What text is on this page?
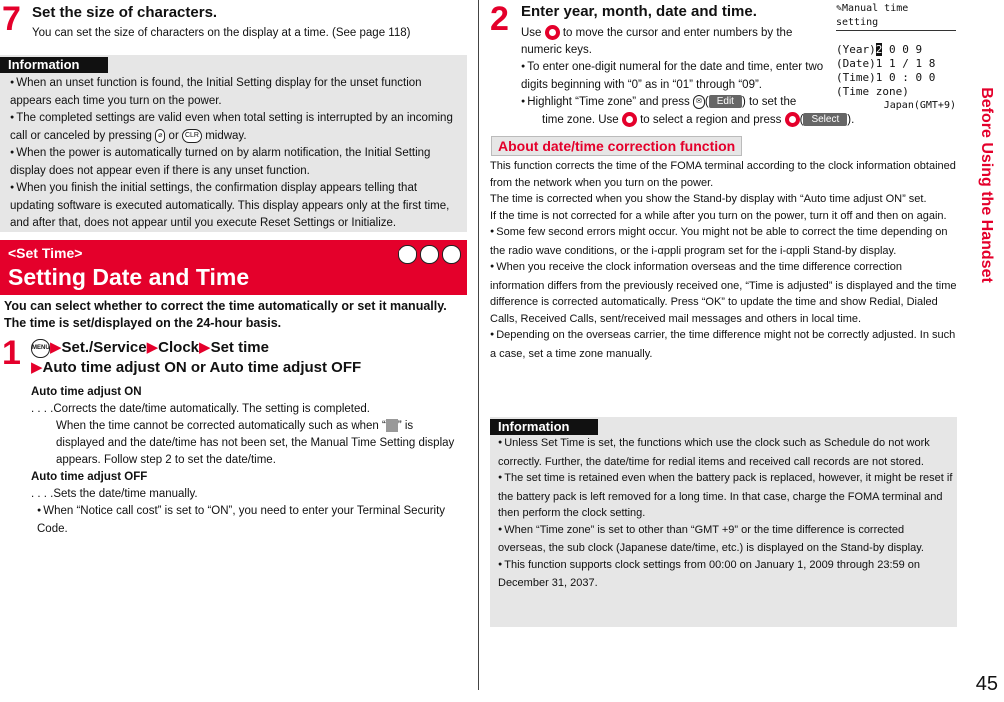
7 Set the size of characters.
You can set the size of characters on the display at a time. (See page 118)
Information

● When an unset function is found, the Initial Setting display for the unset function appears each time you turn on the power.

● The completed settings are valid even when total setting is interrupted by an incoming call or canceled by pressing ⌀ or CLR midway.

● When the power is automatically turned on by alarm notification, the Initial Setting display does not appear even if there is any unset function.

● When you finish the initial settings, the confirmation display appears telling that updating software is executed automatically. This display appears only at the first time, and after that, does not appear until you execute Reset Settings or Initialize.

<Set Time>
Setting Date and Time
MENU 3 1
You can select whether to correct the time automatically or set it manually. The time is set/displayed on the 24-hour basis.
1 MENU▶Set./Service▶Clock▶Set time
▶Auto time adjust ON or Auto time adjust OFF
Auto time adjust ON
. . . .Corrects the date/time automatically. The setting is completed.
When the time cannot be corrected automatically such as when “ ” is displayed and the date/time has not been set, the Manual Time Setting display appears. Follow step 2 to set the date/time.
Auto time adjust OFF
. . . .Sets the date/time manually.
● When “Notice call cost” is set to “ON”, you need to enter your Terminal Security Code.
2 Enter year, month, date and time.
Use to move the cursor and enter numbers by the numeric keys.
● To enter one-digit numeral for the date and time, enter two digits beginning with “0” as in “01” through “09”.
● Highlight “Time zone” and press ✉ ( Edit ) to set the
time zone. Use to select a region and press ( Select ).
✎Manual time setting
(Year)2 0 0 9
(Date)1 1 / 1 8
(Time)1 0 : 0 0
(Time zone)
Japan(GMT+9)
About date/time correction function
This function corrects the time of the FOMA terminal according to the clock information obtained from the network when you turn on the power.
The time is corrected when you show the Stand-by display with “Auto time adjust ON” set.
If the time is not corrected for a while after you turn on the power, turn it off and then on again.
● Some few second errors might occur. You might not be able to correct the time depending on the radio wave conditions, or the i-αppli program set for the i-αppli Stand-by display.
● When you receive the clock information overseas and the time difference correction information differs from the previously received one, “Time is adjusted” is displayed and the time difference is corrected automatically. Press “OK” to update the time and show Redial, Dialed Calls, Received Calls, sent/received mail messages and others in local time.
● Depending on the overseas carrier, the time difference might not be correctly adjusted. In such a case, set a time zone manually.
Information
● Unless Set Time is set, the functions which use the clock such as Schedule do not work correctly. Further, the date/time for redial items and received call records are not stored.
● The set time is retained even when the battery pack is replaced, however, it might be reset if the battery pack is left removed for a long time. In that case, charge the FOMA terminal and then perform the clock setting.
● When “Time zone” is set to other than “GMT +9” or the time difference is corrected overseas, the sub clock (Japanese date/time, etc.) is displayed on the Stand-by display.
● This function supports clock settings from 00:00 on January 1, 2009 through 23:59 on December 31, 2037.
Before Using the Handset
45
